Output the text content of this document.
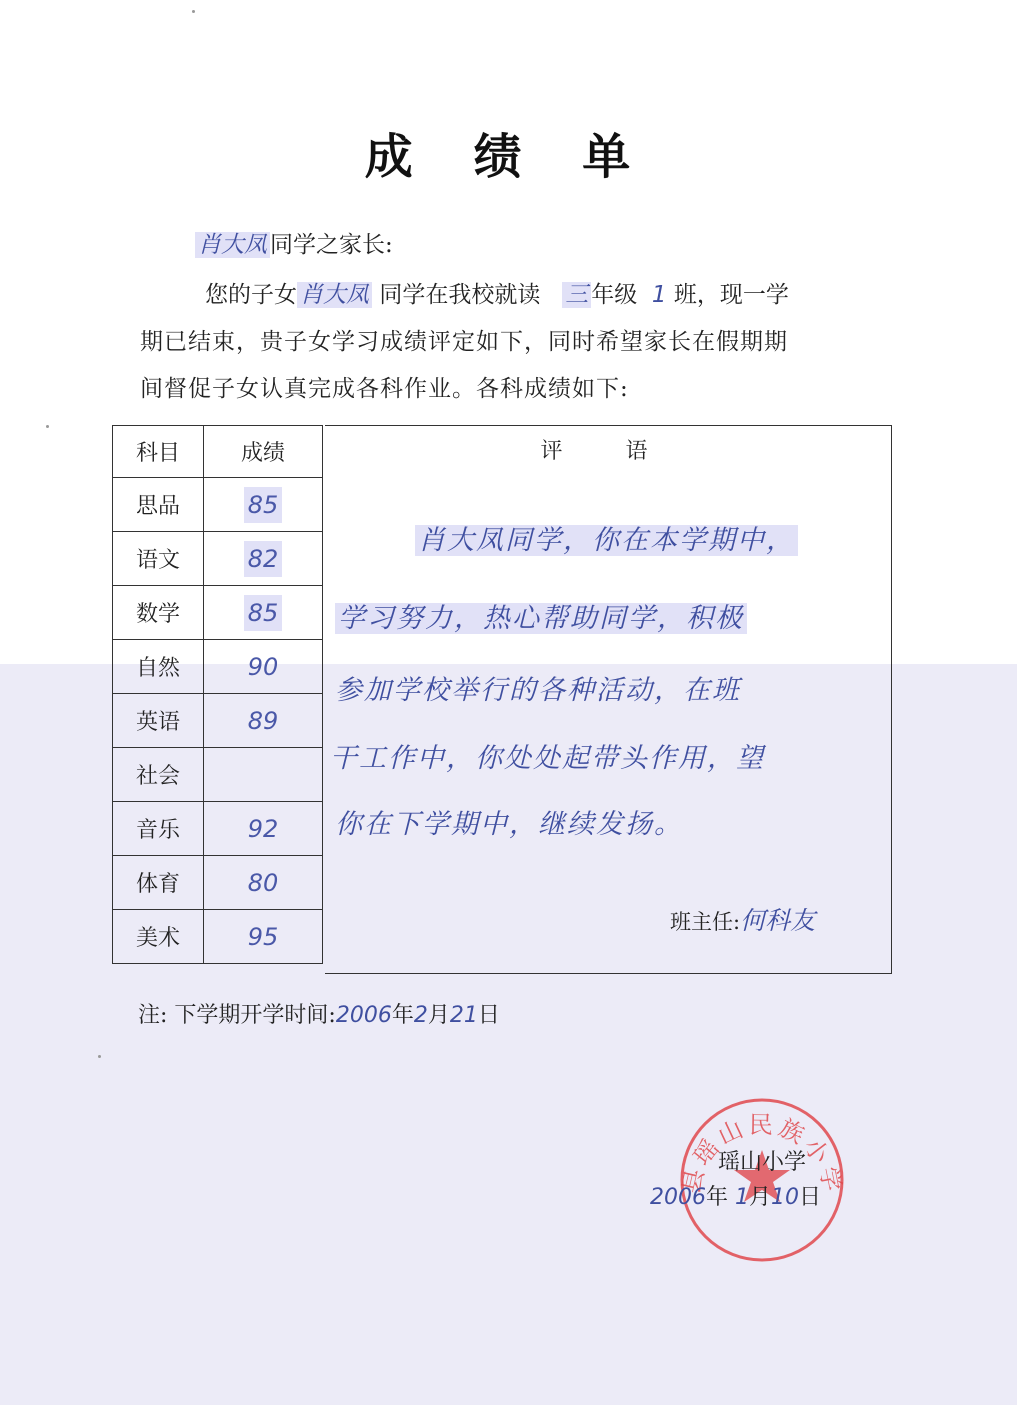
成 绩 单
肖大凤 同学之家长:
您的子女 肖大凤 同学在我校就读 三 年级 1 班，现一学
期已结束，贵子女学习成绩评定如下，同时希望家长在假期期
间督促子女认真完成各科作业。各科成绩如下:
科目	成绩
思品	85
语文	82
数学	85
自然	90
英语	89
社会	
音乐	92
体育	80
美术	95
评 语
肖大凤同学，你在本学期中，
学习努力，热心帮助同学，积极
参加学校举行的各种活动，在班
干工作中，你处处起带头作用，望
你在下学期中，继续发扬。
班主任:何科友
注: 下学期开学时间:2006年2月21日
县瑶山民族小学
瑶山小学
2006年 1月10日
